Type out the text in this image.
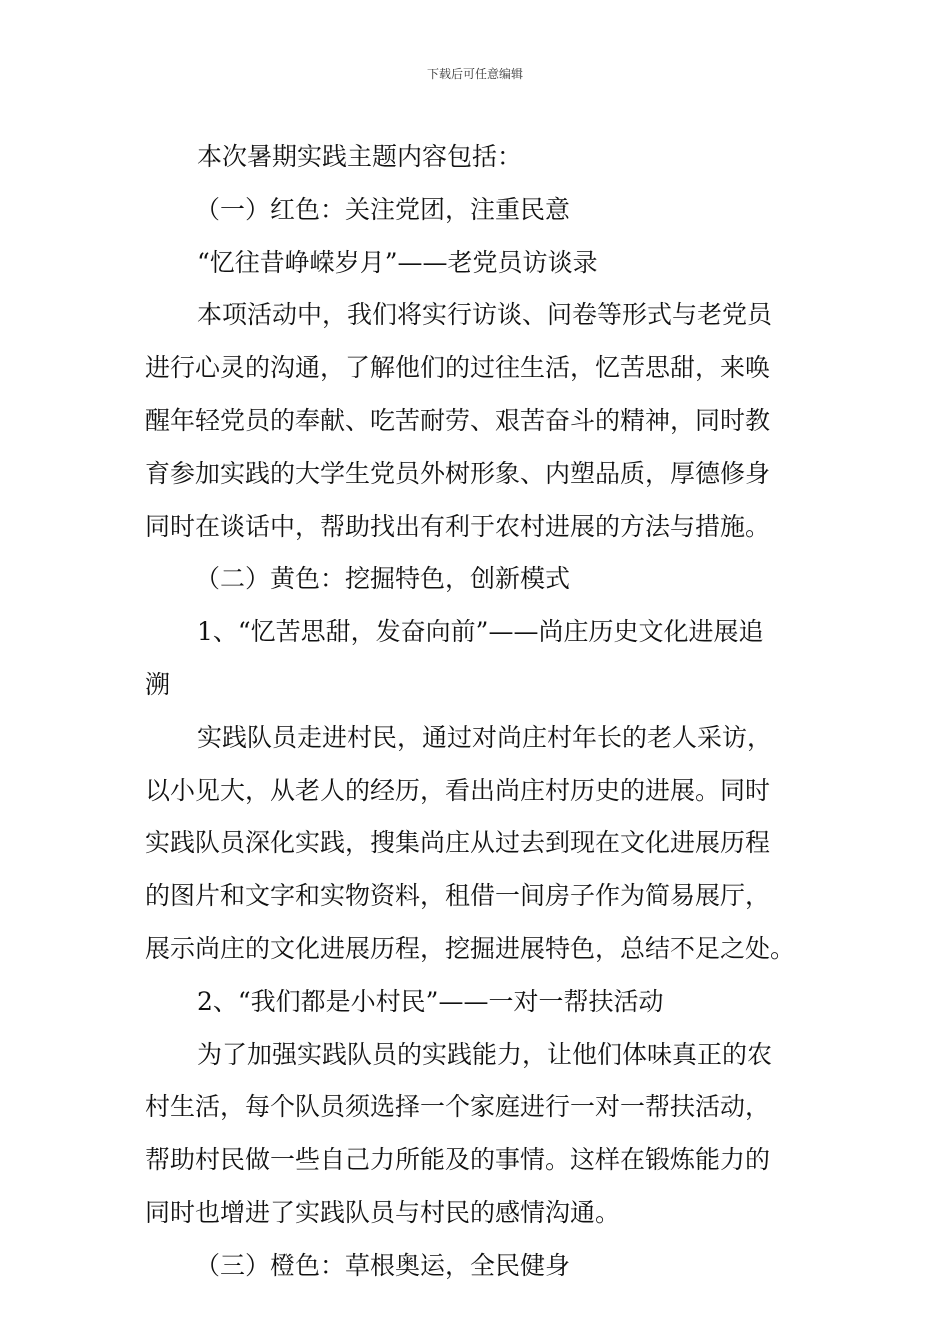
下载后可任意编辑
本次暑期实践主题内容包括：
（一）红色：关注党团，注重民意
“忆往昔峥嵘岁月”——老党员访谈录
本项活动中，我们将实行访谈、问卷等形式与老党员
进行心灵的沟通，了解他们的过往生活，忆苦思甜，来唤
醒年轻党员的奉献、吃苦耐劳、艰苦奋斗的精神，同时教
育参加实践的大学生党员外树形象、内塑品质，厚德修身
同时在谈话中，帮助找出有利于农村进展的方法与措施。
（二）黄色：挖掘特色，创新模式
1、“忆苦思甜，发奋向前”——尚庄历史文化进展追
溯
实践队员走进村民，通过对尚庄村年长的老人采访，
以小见大，从老人的经历，看出尚庄村历史的进展。同时
实践队员深化实践，搜集尚庄从过去到现在文化进展历程
的图片和文字和实物资料，租借一间房子作为简易展厅，
展示尚庄的文化进展历程，挖掘进展特色，总结不足之处。
2、“我们都是小村民”——一对一帮扶活动
为了加强实践队员的实践能力，让他们体味真正的农
村生活，每个队员须选择一个家庭进行一对一帮扶活动，
帮助村民做一些自己力所能及的事情。这样在锻炼能力的
同时也增进了实践队员与村民的感情沟通。
（三）橙色：草根奥运，全民健身
